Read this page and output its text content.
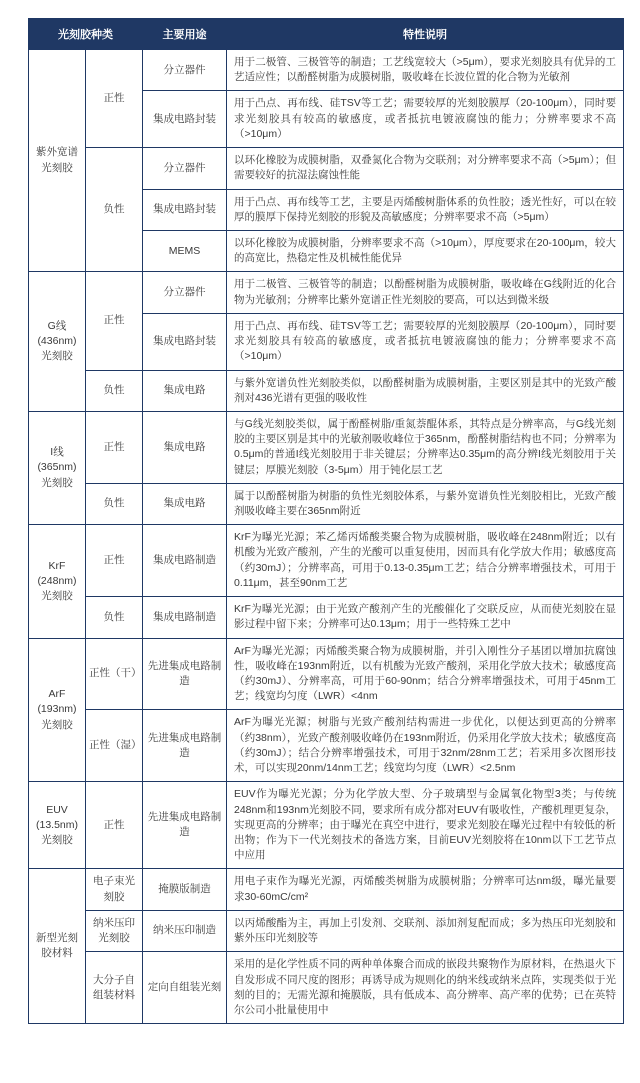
光刻胶种类		主要用途	特性说明
紫外宽谱光刻胶	正性	分立器件	用于二极管、三极管等的制造；工艺线宽较大（>5μm），要求光刻胶具有优异的工艺适应性；以酚醛树脂为成膜树脂，吸收峰在长波位置的化合物为光敏剂
		集成电路封装	用于凸点、再布线、硅TSV等工艺；需要较厚的光刻胶膜厚（20-100μm），同时要求光刻胶具有较高的敏感度，或者抵抗电镀液腐蚀的能力；分辨率要求不高（>10μm）
	负性	分立器件	以环化橡胶为成膜树脂，双叠氮化合物为交联剂；对分辨率要求不高（>5μm）；但需要较好的抗湿法腐蚀性能
		集成电路封装	用于凸点、再布线等工艺，主要是丙烯酸树脂体系的负性胶；透光性好，可以在较厚的膜厚下保持光刻胶的形貌及高敏感度；分辨率要求不高（>5μm）
		MEMS	以环化橡胶为成膜树脂，分辨率要求不高（>10μm），厚度要求在20-100μm，较大的高宽比，热稳定性及机械性能优异
G线 (436nm) 光刻胶	正性	分立器件	用于二极管、三极管等的制造；以酚醛树脂为成膜树脂，吸收峰在G线附近的化合物为光敏剂；分辨率比紫外宽谱正性光刻胶的要高，可以达到微米级
		集成电路封装	用于凸点、再布线、硅TSV等工艺；需要较厚的光刻胶膜厚（20-100μm），同时要求光刻胶具有较高的敏感度，或者抵抗电镀液腐蚀的能力；分辨率要求不高（>10μm）
	负性	集成电路	与紫外宽谱负性光刻胶类似，以酚醛树脂为成膜树脂，主要区别是其中的光致产酸剂对436光谱有更强的吸收性
I线 (365nm) 光刻胶	正性	集成电路	与G线光刻胶类似，属于酚醛树脂/重氮萘醌体系，其特点是分辨率高，与G线光刻胶的主要区别是其中的光敏剂吸收峰位于365nm，酚醛树脂结构也不同；分辨率为0.5μm的普通I线光刻胶用于非关键层；分辨率达0.35μm的高分辨I线光刻胶用于关键层；厚膜光刻胶（3-5μm）用于钝化层工艺
	负性	集成电路	属于以酚醛树脂为树脂的负性光刻胶体系，与紫外宽谱负性光刻胶相比，光致产酸剂吸收峰主要在365nm附近
KrF (248nm) 光刻胶	正性	集成电路制造	KrF为曝光光源；苯乙烯丙烯酸类聚合物为成膜树脂，吸收峰在248nm附近；以有机酸为光致产酸剂，产生的光酸可以重复使用，因而具有化学放大作用；敏感度高（约30mJ）；分辨率高，可用于0.13-0.35μm工艺；结合分辨率增强技术，可用于0.11μm，甚至90nm工艺
	负性	集成电路制造	KrF为曝光光源；由于光致产酸剂产生的光酸催化了交联反应，从而使光刻胶在显影过程中留下来；分辨率可达0.13μm；用于一些特殊工艺中
ArF (193nm) 光刻胶	正性（干）	先进集成电路制造	ArF为曝光光源；丙烯酸类聚合物为成膜树脂，并引入刚性分子基团以增加抗腐蚀性，吸收峰在193nm附近，以有机酸为光致产酸剂，采用化学放大技术；敏感度高（约30mJ）、分辨率高，可用于60-90nm；结合分辨率增强技术，可用于45nm工艺；线宽均匀度（LWR）<4nm
	正性（湿）	先进集成电路制造	ArF为曝光光源；树脂与光致产酸剂结构需进一步优化，以便达到更高的分辨率（约38nm），光致产酸剂吸收峰仍在193nm附近，仍采用化学放大技术；敏感度高（约30mJ）；结合分辨率增强技术，可用于32nm/28nm工艺；若采用多次图形技术，可以实现20nm/14nm工艺；线宽均匀度（LWR）<2.5nm
EUV (13.5nm) 光刻胶	正性	先进集成电路制造	EUV作为曝光光源；分为化学放大型、分子玻璃型与金属氧化物型3类；与传统248nm和193nm光刻胶不同，要求所有成分都对EUV有吸收性，产酸机理更复杂，实现更高的分辨率；由于曝光在真空中进行，要求光刻胶在曝光过程中有较低的析出物；作为下一代光刻技术的备选方案，目前EUV光刻胶将在10nm以下工艺节点中应用
新型光刻胶材料	电子束光刻胶	掩膜版制造	用电子束作为曝光光源，丙烯酸类树脂为成膜树脂；分辨率可达nm级，曝光量要求30-60mC/cm²
	纳米压印光刻胶	纳米压印制造	以丙烯酸酯为主，再加上引发剂、交联剂、添加剂复配而成；多为热压印光刻胶和紫外压印光刻胶等
	大分子自组装材料	定向自组装光刻	采用的是化学性质不同的两种单体聚合而成的嵌段共聚物作为原材料，在热退火下自发形成不同尺度的图形；再诱导成为规则化的纳米线或纳米点阵，实现类似于光刻的目的；无需光源和掩膜版，具有低成本、高分辨率、高产率的优势；已在英特尔公司小批量使用中
